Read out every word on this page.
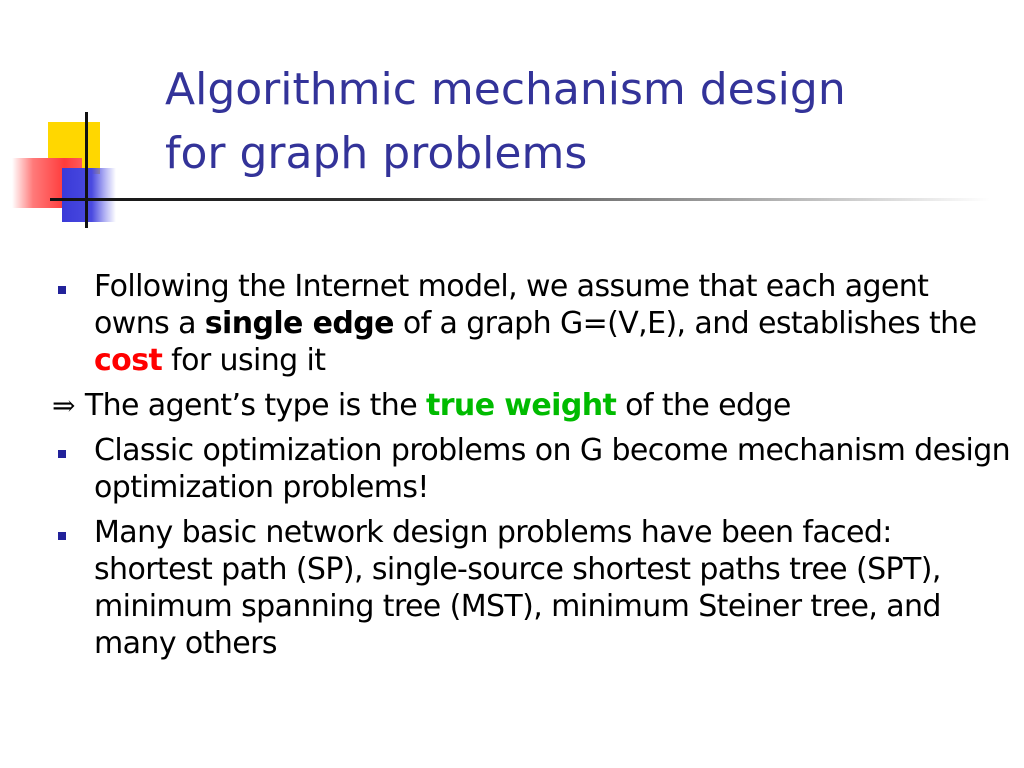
Algorithmic mechanism design
for graph problems
Following the Internet model, we assume that each agent owns a single edge of a graph G=(V,E), and establishes the cost for using it
⇒ The agent’s type is the true weight of the edge
Classic optimization problems on G become mechanism design optimization problems!
Many basic network design problems have been faced: shortest path (SP), single-source shortest paths tree (SPT), minimum spanning tree (MST), minimum Steiner tree, and many others
